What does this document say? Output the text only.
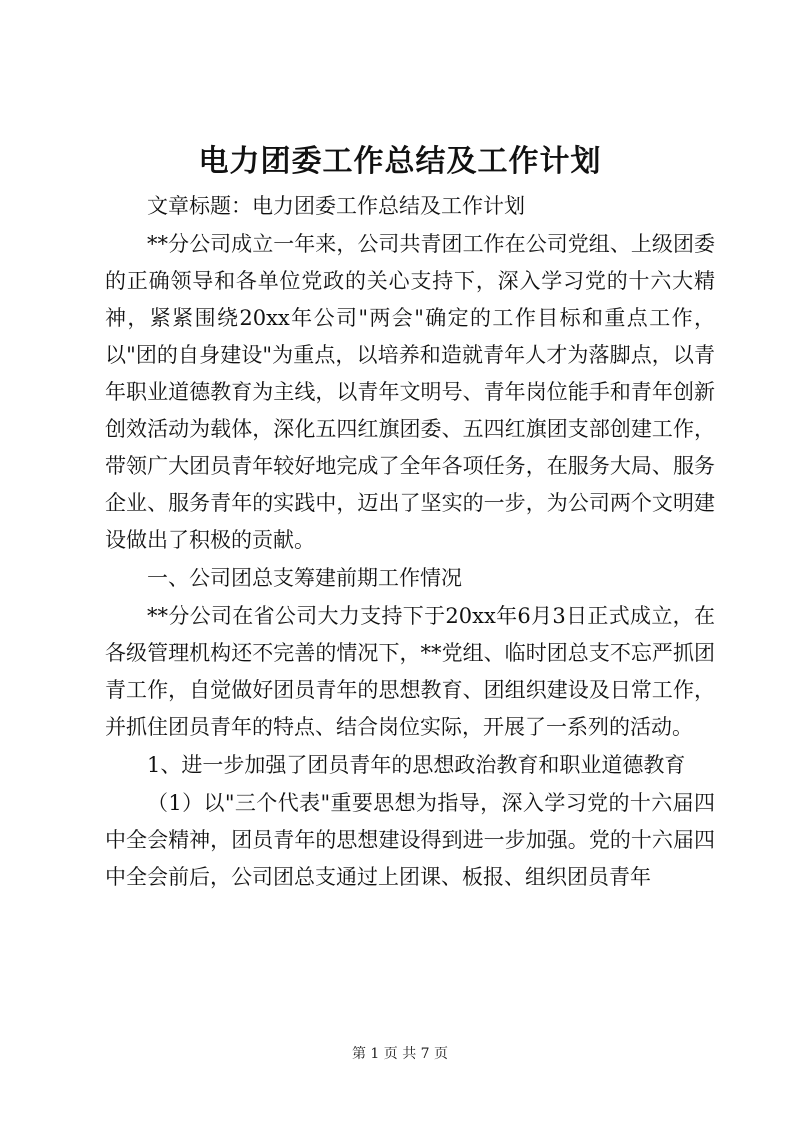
电力团委工作总结及工作计划

文章标题：电力团委工作总结及工作计划

**分公司成立一年来，公司共青团工作在公司党组、上级团委的正确领导和各单位党政的关心支持下，深入学习党的十六大精神，紧紧围绕20xx年公司"两会"确定的工作目标和重点工作，以"团的自身建设"为重点，以培养和造就青年人才为落脚点，以青年职业道德教育为主线，以青年文明号、青年岗位能手和青年创新创效活动为载体，深化五四红旗团委、五四红旗团支部创建工作，带领广大团员青年较好地完成了全年各项任务，在服务大局、服务企业、服务青年的实践中，迈出了坚实的一步，为公司两个文明建设做出了积极的贡献。

一、公司团总支筹建前期工作情况

**分公司在省公司大力支持下于20xx年6月3日正式成立，在各级管理机构还不完善的情况下，**党组、临时团总支不忘严抓团青工作，自觉做好团员青年的思想教育、团组织建设及日常工作，并抓住团员青年的特点、结合岗位实际，开展了一系列的活动。

1、进一步加强了团员青年的思想政治教育和职业道德教育

（1）以"三个代表"重要思想为指导，深入学习党的十六届四中全会精神，团员青年的思想建设得到进一步加强。党的十六届四中全会前后，公司团总支通过上团课、板报、组织团员青年

第 1 页 共 7 页
